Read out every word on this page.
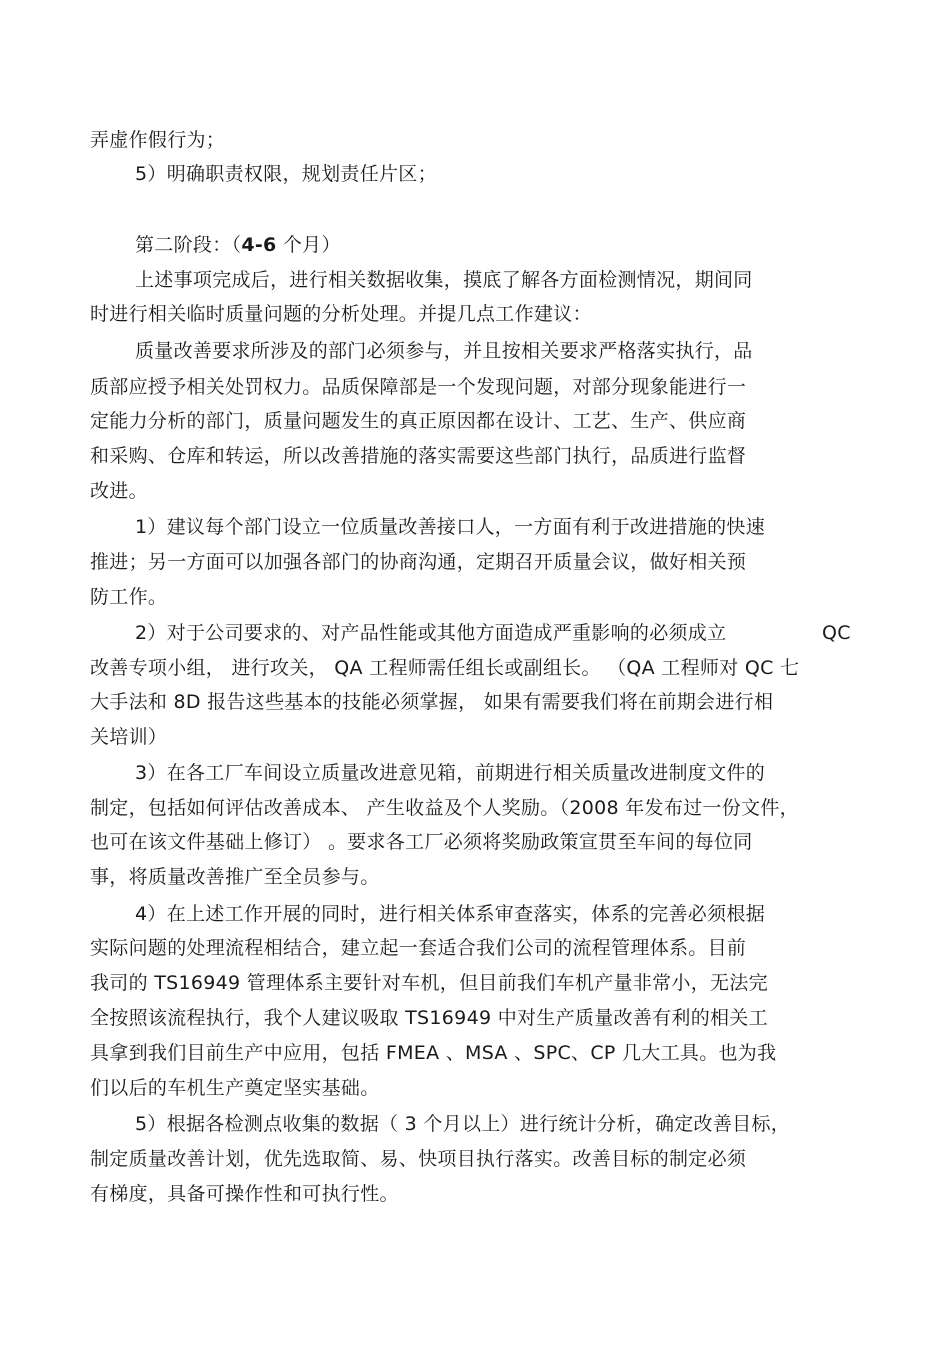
弄虚作假行为；
5）明确职责权限，规划责任片区；
第二阶段：（4-6 个月）
上述事项完成后，进行相关数据收集，摸底了解各方面检测情况，期间同
时进行相关临时质量问题的分析处理。并提几点工作建议：
质量改善要求所涉及的部门必须参与，并且按相关要求严格落实执行，品
质部应授予相关处罚权力。品质保障部是一个发现问题，对部分现象能进行一
定能力分析的部门，质量问题发生的真正原因都在设计、工艺、生产、供应商
和采购、仓库和转运，所以改善措施的落实需要这些部门执行，品质进行监督
改进。
1）建议每个部门设立一位质量改善接口人，一方面有利于改进措施的快速
推进；另一方面可以加强各部门的协商沟通，定期召开质量会议，做好相关预
防工作。
2）对于公司要求的、对产品性能或其他方面造成严重影响的必须成立	QC
改善专项小组， 进行攻关， QA 工程师需任组长或副组长。 （QA 工程师对 QC 七
大手法和 8D 报告这些基本的技能必须掌握， 如果有需要我们将在前期会进行相
关培训）
3）在各工厂车间设立质量改进意见箱，前期进行相关质量改进制度文件的
制定，包括如何评估改善成本、 产生收益及个人奖励。（2008 年发布过一份文件，
也可在该文件基础上修订） 。要求各工厂必须将奖励政策宣贯至车间的每位同
事，将质量改善推广至全员参与。
4）在上述工作开展的同时，进行相关体系审查落实，体系的完善必须根据
实际问题的处理流程相结合，建立起一套适合我们公司的流程管理体系。目前
我司的 TS16949 管理体系主要针对车机，但目前我们车机产量非常小，无法完
全按照该流程执行，我个人建议吸取 TS16949 中对生产质量改善有利的相关工
具拿到我们目前生产中应用，包括 FMEA 、MSA 、SPC、CP 几大工具。也为我
们以后的车机生产奠定坚实基础。
5）根据各检测点收集的数据（ 3 个月以上）进行统计分析，确定改善目标，
制定质量改善计划，优先选取简、易、快项目执行落实。改善目标的制定必须
有梯度，具备可操作性和可执行性。
